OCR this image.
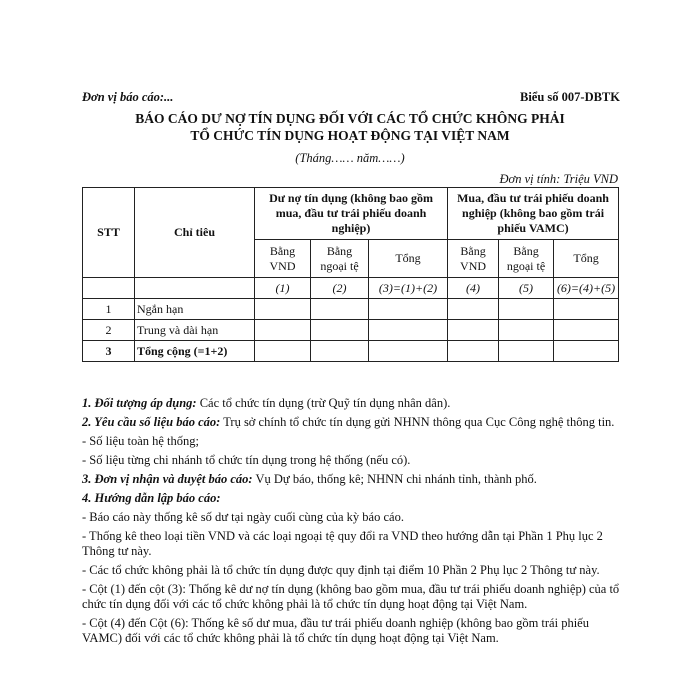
Đơn vị báo cáo:...	Biểu số 007-DBTK
BÁO CÁO DƯ NỢ TÍN DỤNG ĐỐI VỚI CÁC TỔ CHỨC KHÔNG PHẢI
TỔ CHỨC TÍN DỤNG HOẠT ĐỘNG TẠI VIỆT NAM
(Tháng…… năm……)
Đơn vị tính: Triệu VND
STT	Chỉ tiêu	Dư nợ tín dụng (không bao gồm mua, đầu tư trái phiếu doanh nghiệp)			Mua, đầu tư trái phiếu doanh nghiệp (không bao gồm trái phiếu VAMC)		
		Bằng VND	Bằng ngoại tệ	Tổng	Bằng VND	Bằng ngoại tệ	Tổng
		(1)	(2)	(3)=(1)+(2)	(4)	(5)	(6)=(4)+(5)
1	Ngắn hạn						
2	Trung và dài hạn						
3	Tổng cộng (=1+2)						

1. Đối tượng áp dụng: Các tổ chức tín dụng (trừ Quỹ tín dụng nhân dân).

2. Yêu cầu số liệu báo cáo: Trụ sở chính tổ chức tín dụng gửi NHNN thông qua Cục Công nghệ thông tin.

- Số liệu toàn hệ thống;

- Số liệu từng chi nhánh tổ chức tín dụng trong hệ thống (nếu có).

3. Đơn vị nhận và duyệt báo cáo: Vụ Dự báo, thống kê; NHNN chi nhánh tỉnh, thành phố.

4. Hướng dẫn lập báo cáo:

- Báo cáo này thống kê số dư tại ngày cuối cùng của kỳ báo cáo.

- Thống kê theo loại tiền VND và các loại ngoại tệ quy đổi ra VND theo hướng dẫn tại Phần 1 Phụ lục 2 Thông tư này.

- Các tổ chức không phải là tổ chức tín dụng được quy định tại điểm 10 Phần 2 Phụ lục 2 Thông tư này.

- Cột (1) đến cột (3): Thống kê dư nợ tín dụng (không bao gồm mua, đầu tư trái phiếu doanh nghiệp) của tổ chức tín dụng đối với các tổ chức không phải là tổ chức tín dụng hoạt động tại Việt Nam.

- Cột (4) đến Cột (6): Thống kê số dư mua, đầu tư trái phiếu doanh nghiệp (không bao gồm trái phiếu VAMC) đối với các tổ chức không phải là tổ chức tín dụng hoạt động tại Việt Nam.
